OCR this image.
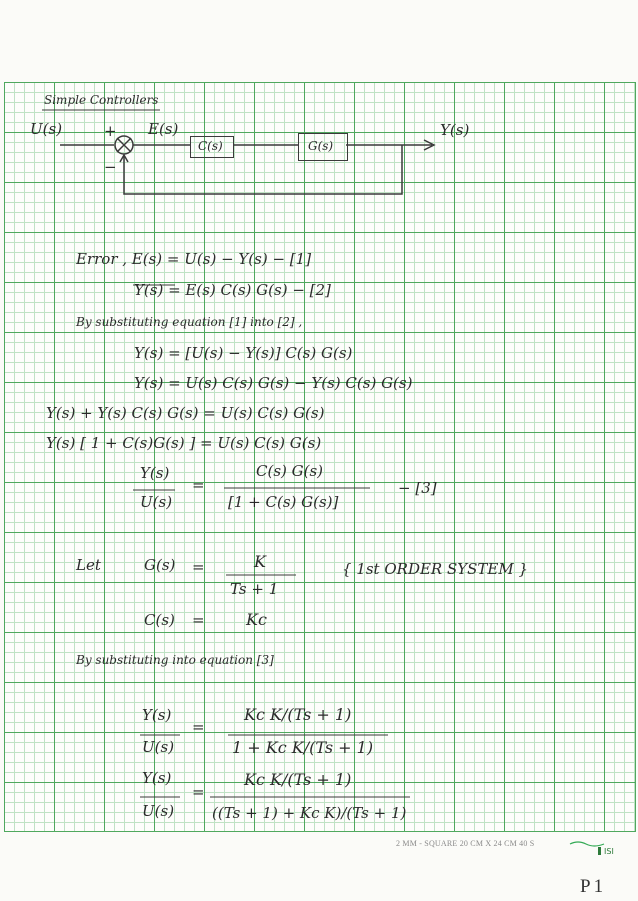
Simple Controllers
U(s)	+
−
E(s)
C(s)	G(s)
Y(s)
Error , E(s) = U(s) − Y(s) − [1]
Y(s) = E(s) C(s) G(s) − [2]
By substituting equation [1] into [2] ,
Y(s) = [U(s) − Y(s)] C(s) G(s)
Y(s) = U(s) C(s) G(s) − Y(s) C(s) G(s)
Y(s) + Y(s) C(s) G(s) = U(s) C(s) G(s)
Y(s) [ 1 + C(s)G(s) ] = U(s) C(s) G(s)
Y(s)
U(s)
=
C(s) G(s)
[1 + C(s) G(s)]
− [3]
Let	G(s) =	K
Ts + 1
{ 1st ORDER SYSTEM }
C(s) =	Kc
By substituting into equation [3]
Y(s)
U(s)
=
Kc K/(Ts + 1)
1 + Kc K/(Ts + 1)
Y(s)
U(s)
=
Kc K/(Ts + 1)
((Ts + 1) + Kc K)/(Ts + 1)
2 MM - SQUARE 20 CM X 24 CM 40 S
ISI
P1
